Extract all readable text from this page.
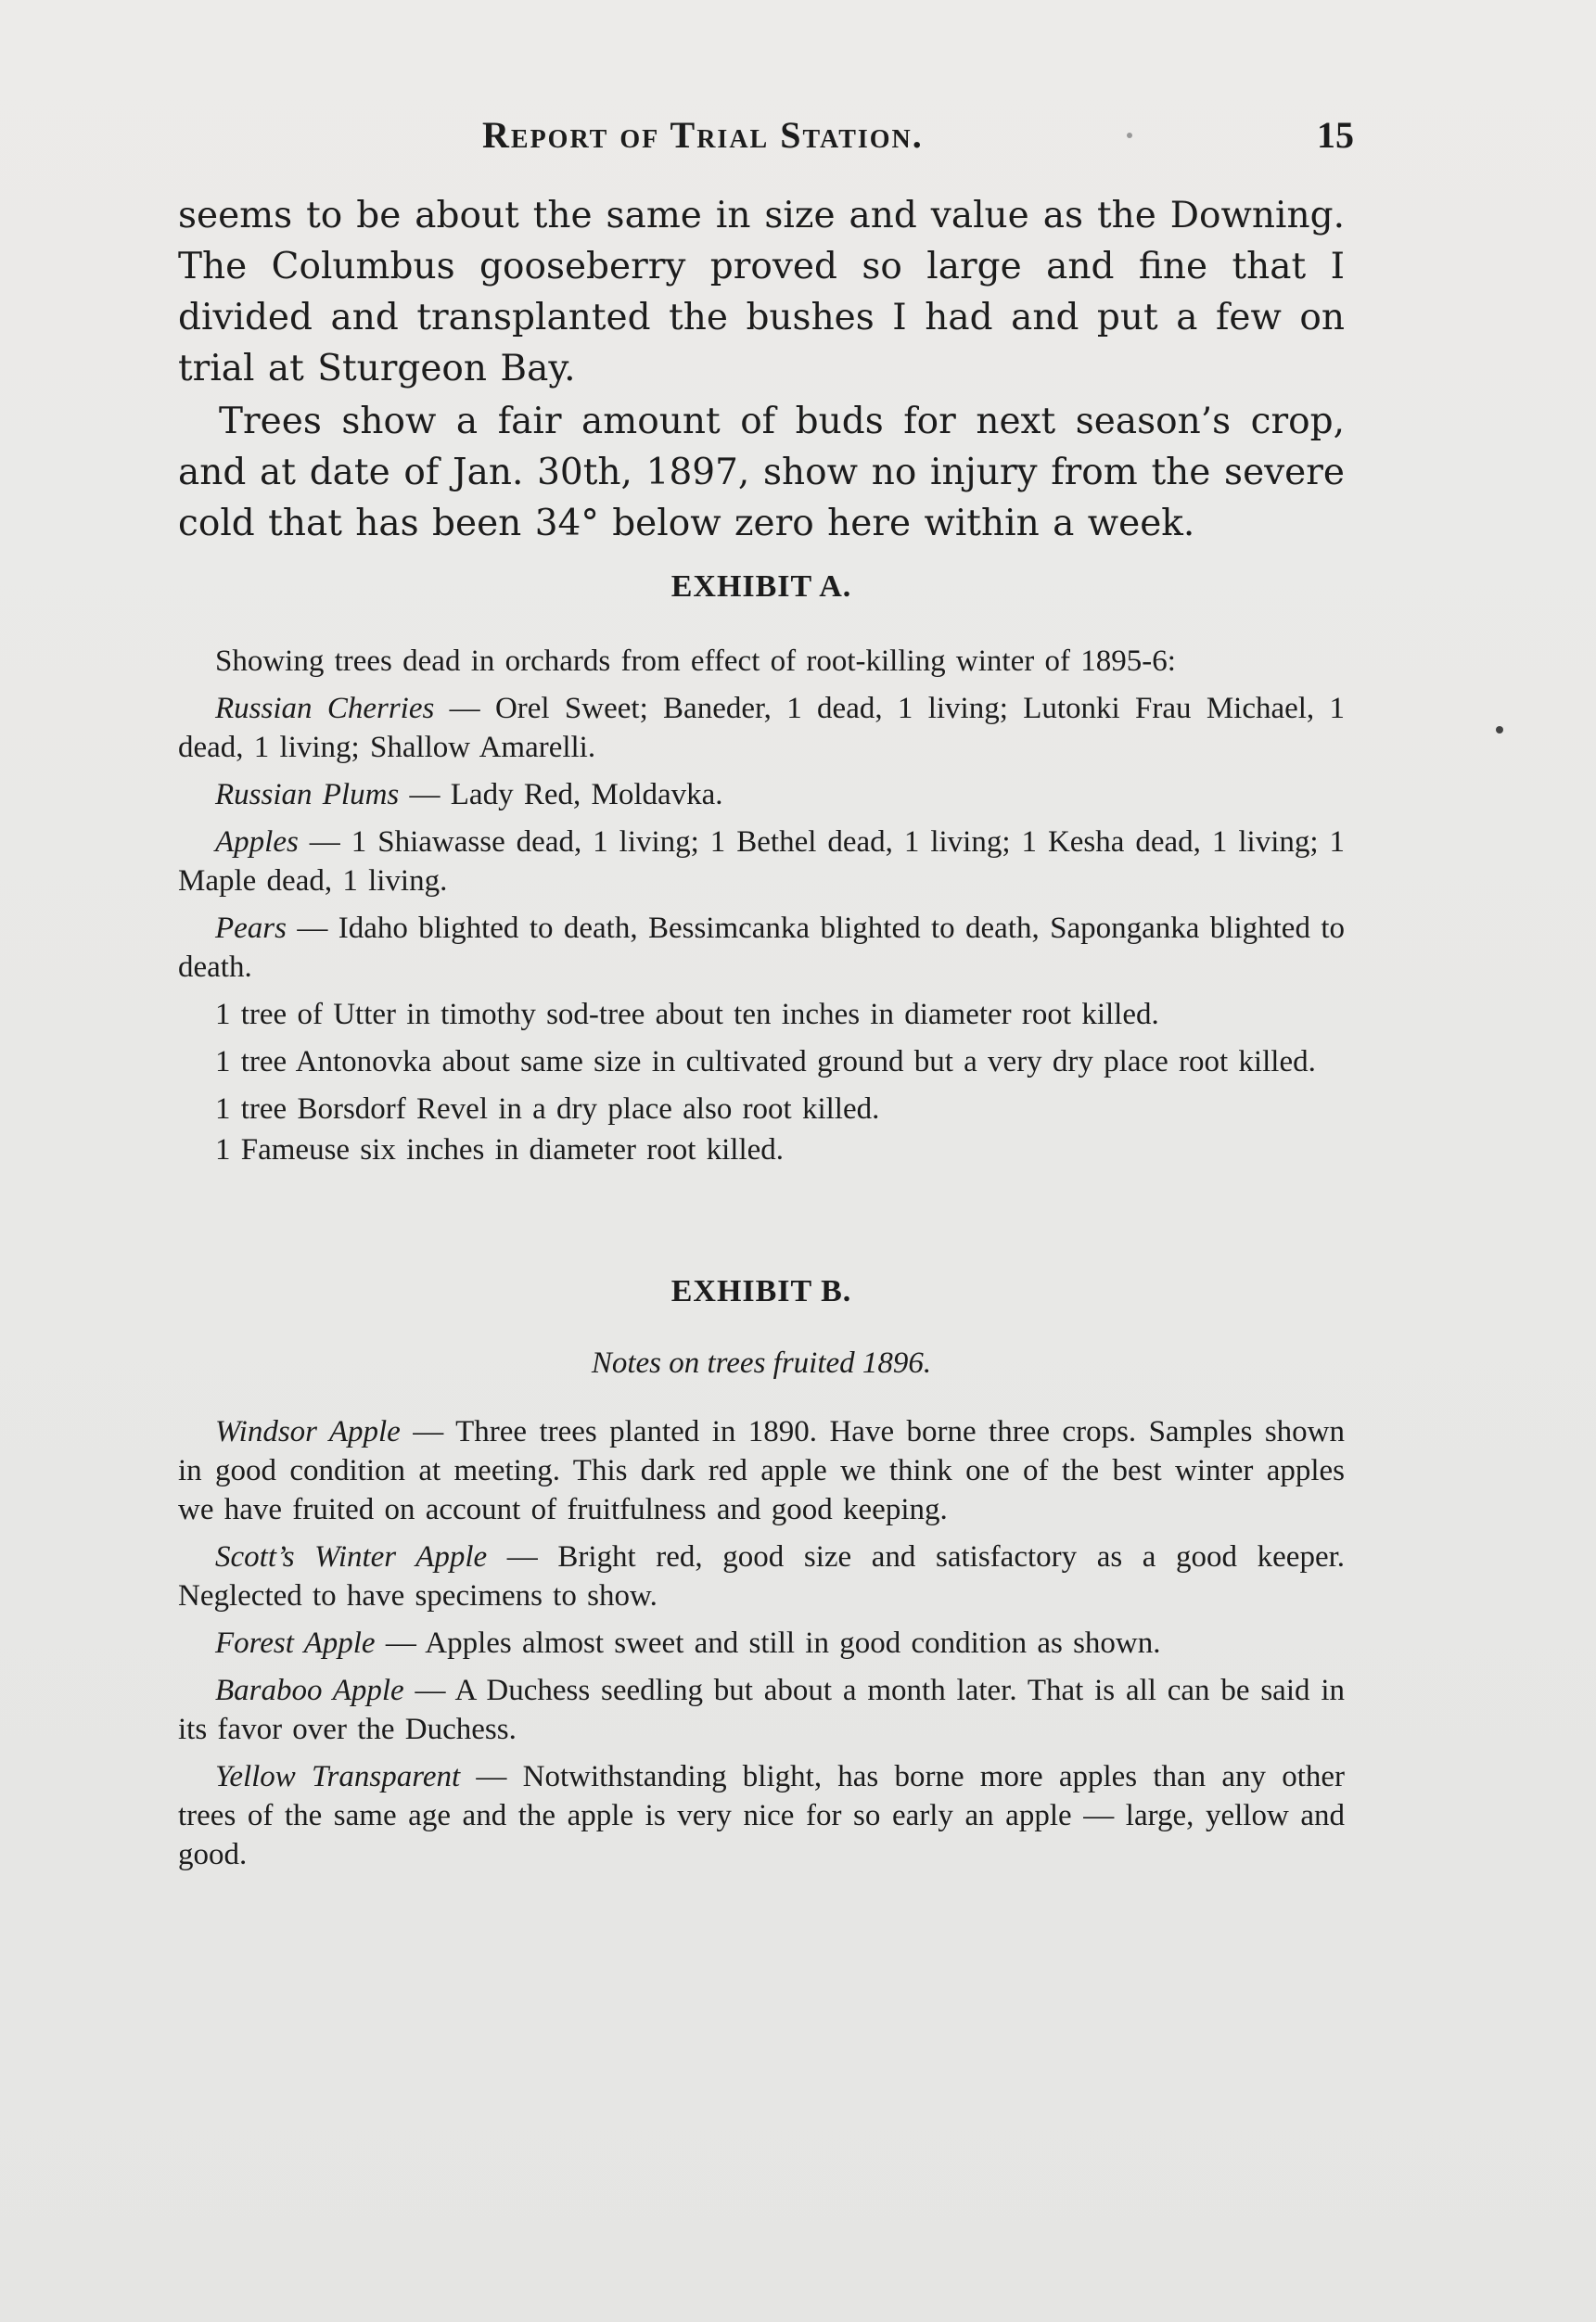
Report of Trial Station.	15

seems to be about the same in size and value as the Downing. The Columbus gooseberry proved so large and fine that I divided and transplanted the bushes I had and put a few on trial at Sturgeon Bay.

Trees show a fair amount of buds for next season’s crop, and at date of Jan. 30th, 1897, show no injury from the severe cold that has been 34° below zero here within a week.

EXHIBIT A.

Showing trees dead in orchards from effect of root-killing winter of 1895-6:

Russian Cherries — Orel Sweet; Baneder, 1 dead, 1 living; Lutonki Frau Michael, 1 dead, 1 living; Shallow Amarelli.

Russian Plums — Lady Red, Moldavka.

Apples — 1 Shiawasse dead, 1 living; 1 Bethel dead, 1 living; 1 Kesha dead, 1 living; 1 Maple dead, 1 living.

Pears — Idaho blighted to death, Bessimcanka blighted to death, Saponganka blighted to death.

1 tree of Utter in timothy sod-tree about ten inches in diameter root killed.

1 tree Antonovka about same size in cultivated ground but a very dry place root killed.

1 tree Borsdorf Revel in a dry place also root killed.

1 Fameuse six inches in diameter root killed.

EXHIBIT B.

Notes on trees fruited 1896.

Windsor Apple — Three trees planted in 1890. Have borne three crops. Samples shown in good condition at meeting. This dark red apple we think one of the best winter apples we have fruited on account of fruitfulness and good keeping.

Scott’s Winter Apple — Bright red, good size and satisfactory as a good keeper. Neglected to have specimens to show.

Forest Apple — Apples almost sweet and still in good condition as shown.

Baraboo Apple — A Duchess seedling but about a month later. That is all can be said in its favor over the Duchess.

Yellow Transparent — Notwithstanding blight, has borne more apples than any other trees of the same age and the apple is very nice for so early an apple — large, yellow and good.
